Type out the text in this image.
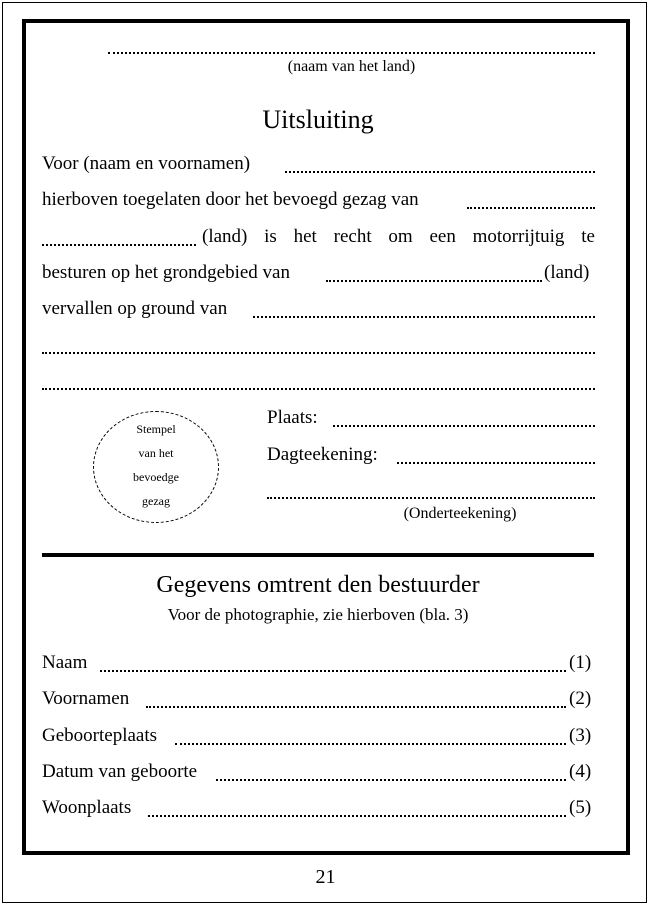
(naam van het land)
Uitsluiting
Voor (naam en voornamen)
hierboven toegelaten door het bevoegd gezag van
(land) is het recht om een motorrijtuig te
besturen op het grondgebied van	(land)
vervallen op ground van
Stempel
van het
bevoedge
gezag
Plaats:
Dagteekening:
(Onderteekening)
Gegevens omtrent den bestuurder
Voor de photographie, zie hierboven (bla. 3)
Naam	(1)
Voornamen	(2)
Geboorteplaats	(3)
Datum van geboorte	(4)
Woonplaats	(5)
21
